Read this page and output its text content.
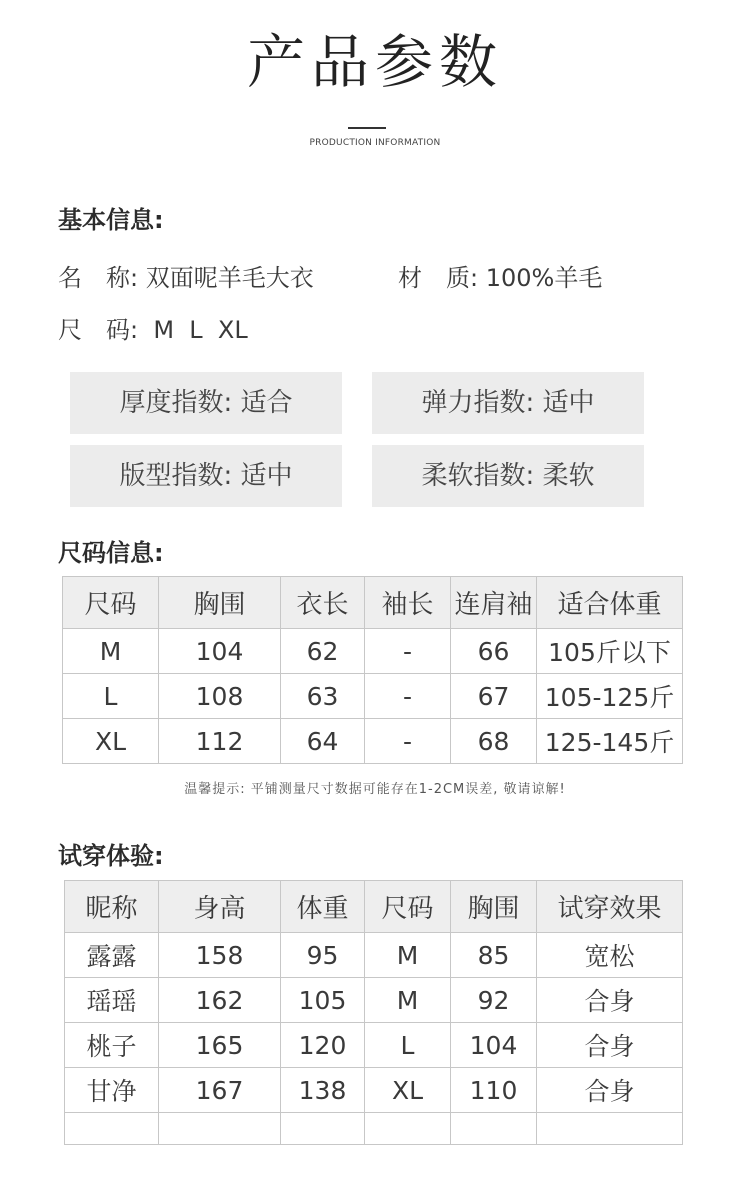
产品参数
PRODUCTION INFORMATION
基本信息:
名　称: 双面呢羊毛大衣	材　质: 100%羊毛
尺　码:  M  L  XL
厚度指数: 适合	弹力指数: 适中
版型指数: 适中	柔软指数: 柔软
尺码信息:
尺码	胸围	衣长	袖长	连肩袖	适合体重
M	104	62	-	66	105斤以下
L	108	63	-	67	105-125斤
XL	112	64	-	68	125-145斤
温馨提示: 平铺测量尺寸数据可能存在1-2CM误差, 敬请谅解!
试穿体验:
昵称	身高	体重	尺码	胸围	试穿效果
露露	158	95	M	85	宽松
瑶瑶	162	105	M	92	合身
桃子	165	120	L	104	合身
甘净	167	138	XL	110	合身
